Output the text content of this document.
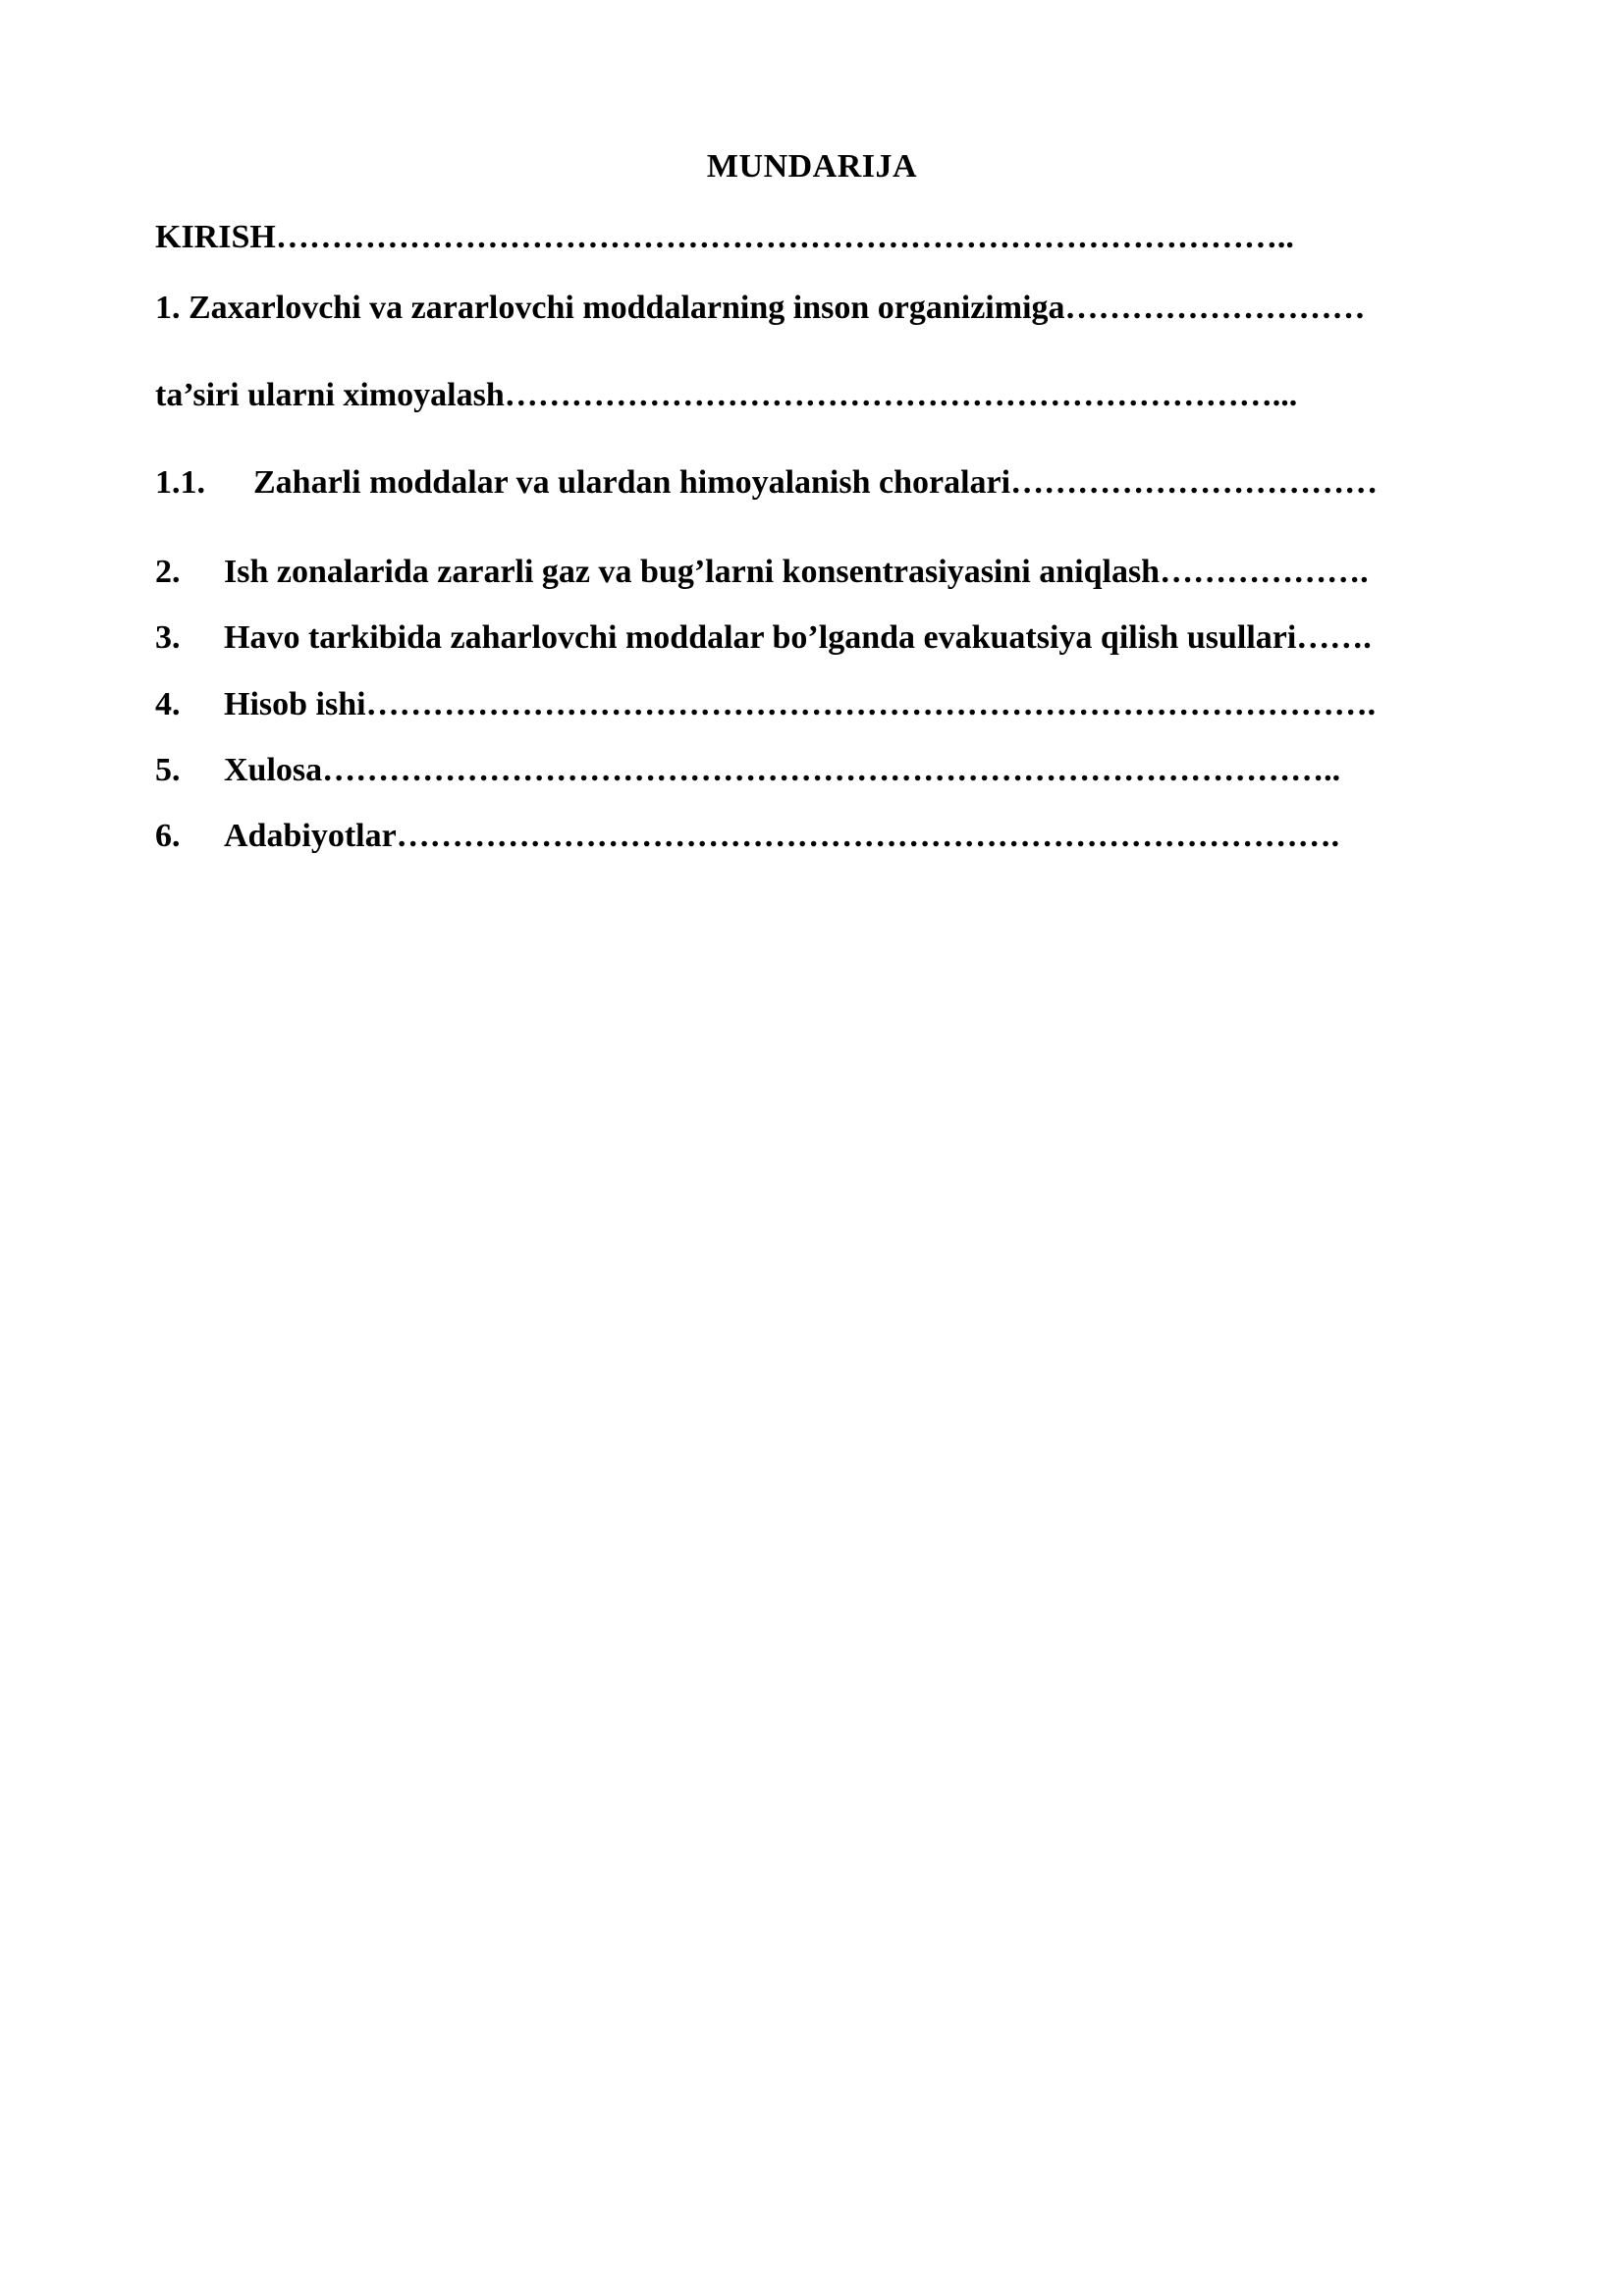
MUNDARIJA
KIRISH………………………………………………………………………………..
1. Zaxarlovchi va zararlovchi moddalarning inson organizimiga………………………
ta’siri ularni ximoyalash……………………………………………………………...
1.1. Zaharli moddalar va ulardan himoyalanish choralari……………………………
2. Ish zonalarida zararli gaz va bug’larni konsentrasiyasini aniqlash……………….
3. Havo tarkibida zaharlovchi moddalar bo’lganda evakuatsiya qilish usullari…….
4. Hisob ishi……………………………………………………………………………….
5. Xulosa………………………………………………………………………………..
6. Adabiyotlar………………………………………………………………………….
